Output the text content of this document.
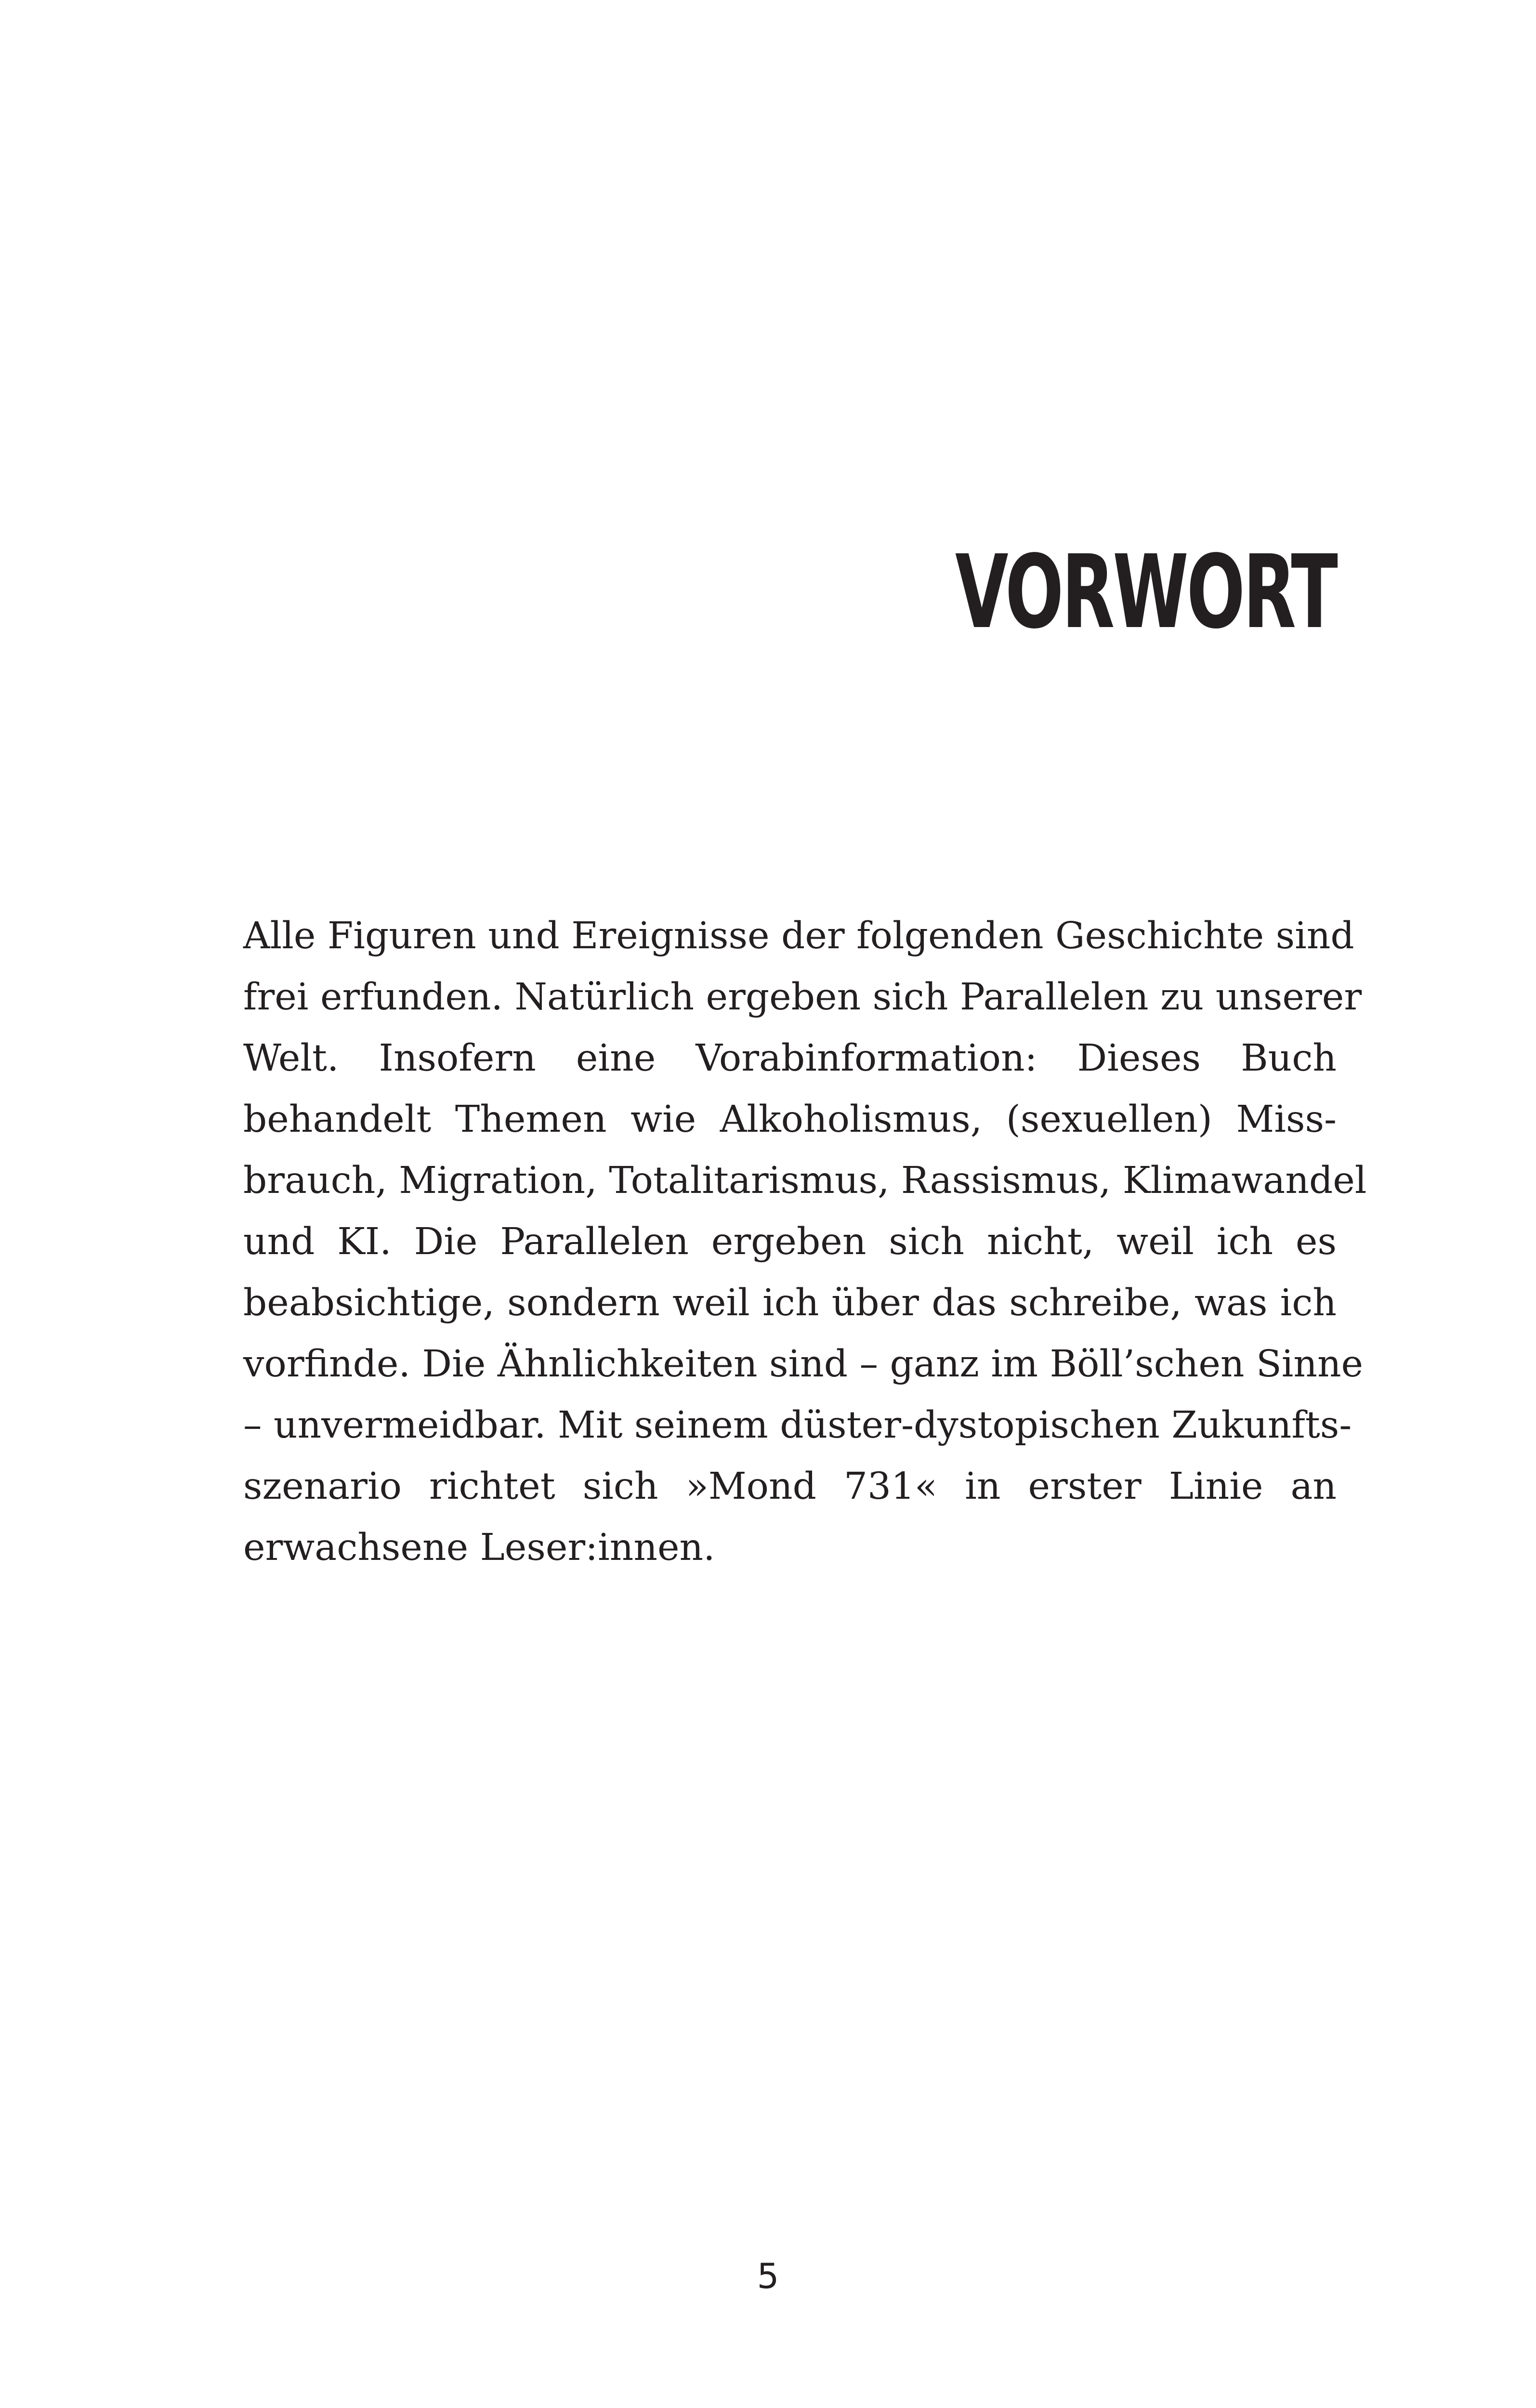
VORWORT
Alle Figuren und Ereignisse der folgenden Geschichte sind
frei erfunden. Natürlich ergeben sich Parallelen zu unserer
Welt. Insofern eine Vorabinformation: Dieses Buch
behandelt Themen wie Alkoholismus, (sexuellen) Miss-
brauch, Migration, Totalitarismus, Rassismus, Klimawandel
und KI. Die Parallelen ergeben sich nicht, weil ich es
beabsichtige, sondern weil ich über das schreibe, was ich
vorfinde. Die Ähnlichkeiten sind – ganz im Böll’schen Sinne
– unvermeidbar. Mit seinem düster-dystopischen Zukunfts-
szenario richtet sich »Mond 731« in erster Linie an
erwachsene Leser:innen.
5
